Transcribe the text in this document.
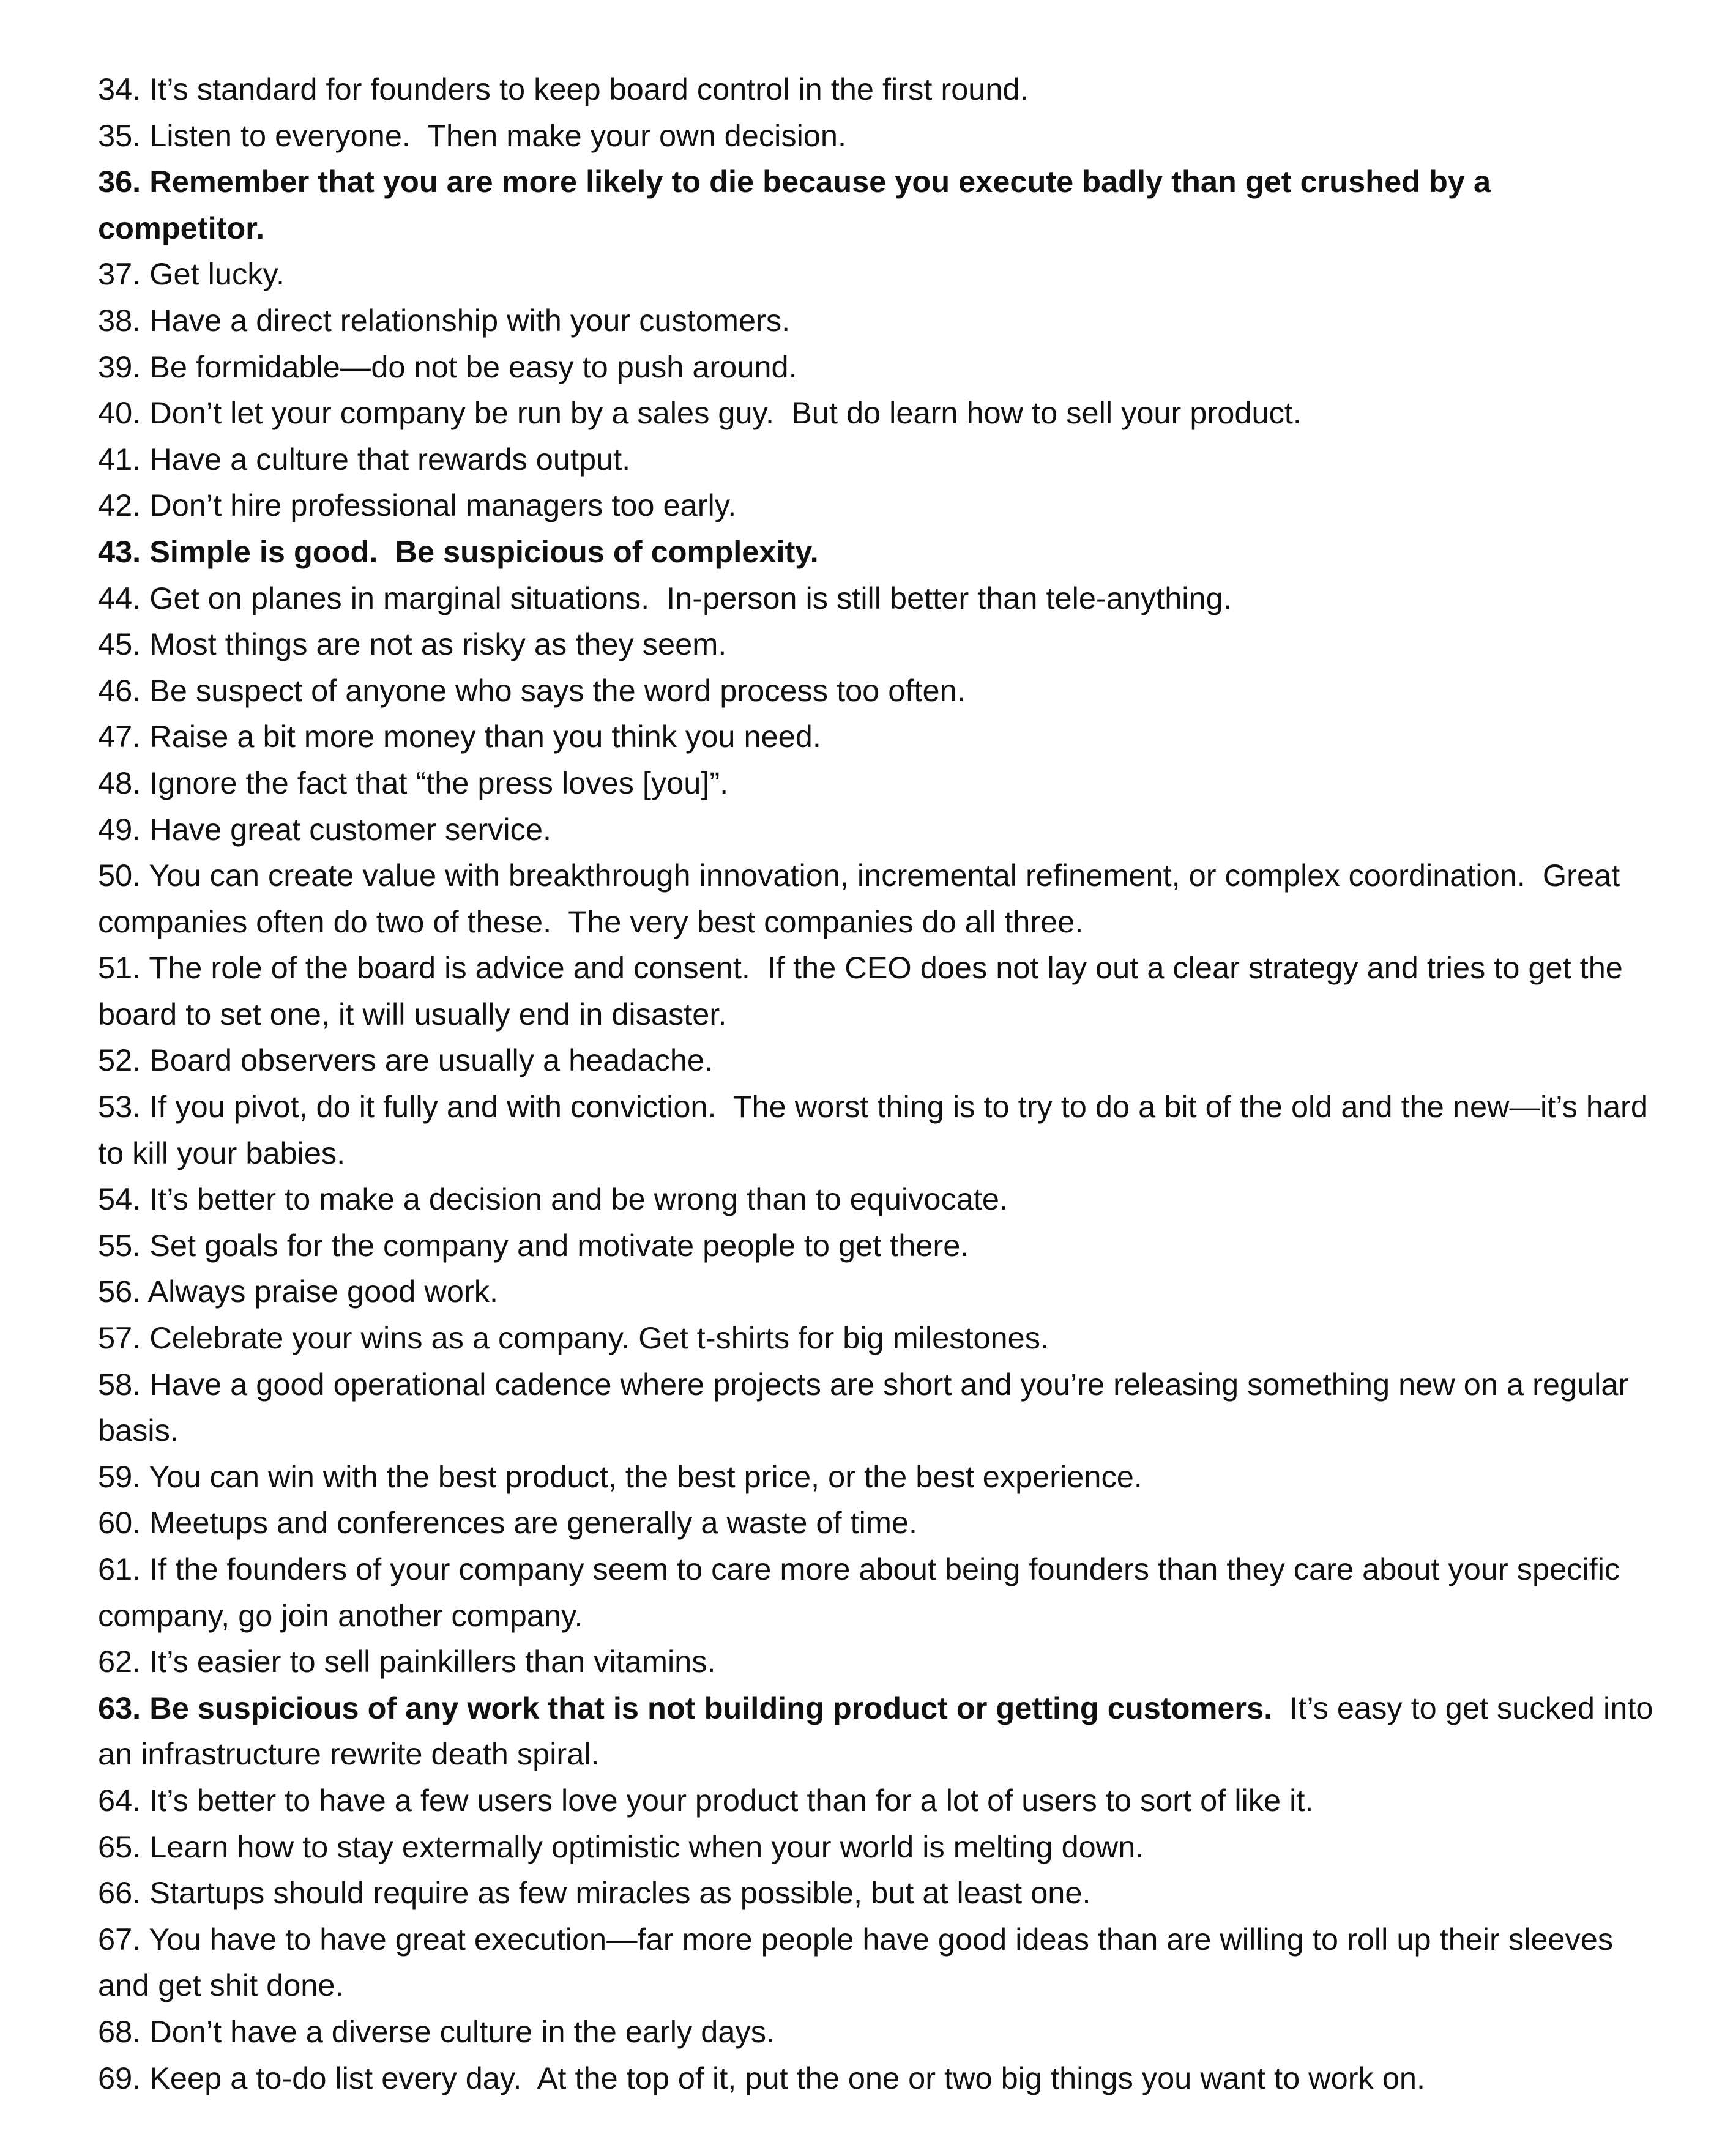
34. It’s standard for founders to keep board control in the first round.

35. Listen to everyone.  Then make your own decision.

36. Remember that you are more likely to die because you execute badly than get crushed by a competitor.

37. Get lucky.

38. Have a direct relationship with your customers.

39. Be formidable—do not be easy to push around.

40. Don’t let your company be run by a sales guy.  But do learn how to sell your product.

41. Have a culture that rewards output.

42. Don’t hire professional managers too early.

43. Simple is good.  Be suspicious of complexity.

44. Get on planes in marginal situations.  In-person is still better than tele-anything.

45. Most things are not as risky as they seem.

46. Be suspect of anyone who says the word process too often.

47. Raise a bit more money than you think you need.

48. Ignore the fact that “the press loves [you]”.

49. Have great customer service.

50. You can create value with breakthrough innovation, incremental refinement, or complex coordination.  Great companies often do two of these.  The very best companies do all three.

51. The role of the board is advice and consent.  If the CEO does not lay out a clear strategy and tries to get the board to set one, it will usually end in disaster.

52. Board observers are usually a headache.

53. If you pivot, do it fully and with conviction.  The worst thing is to try to do a bit of the old and the new—it’s hard to kill your babies.

54. It’s better to make a decision and be wrong than to equivocate.

55. Set goals for the company and motivate people to get there.

56. Always praise good work.

57. Celebrate your wins as a company. Get t-shirts for big milestones.

58. Have a good operational cadence where projects are short and you’re releasing something new on a regular basis.

59. You can win with the best product, the best price, or the best experience.

60. Meetups and conferences are generally a waste of time.

61. If the founders of your company seem to care more about being founders than they care about your specific company, go join another company.

62. It’s easier to sell painkillers than vitamins.

63. Be suspicious of any work that is not building product or getting customers.  It’s easy to get sucked into an infrastructure rewrite death spiral.

64. It’s better to have a few users love your product than for a lot of users to sort of like it.

65. Learn how to stay extermally optimistic when your world is melting down.

66. Startups should require as few miracles as possible, but at least one.

67. You have to have great execution—far more people have good ideas than are willing to roll up their sleeves and get shit done.

68. Don’t have a diverse culture in the early days.

69. Keep a to-do list every day.  At the top of it, put the one or two big things you want to work on.
